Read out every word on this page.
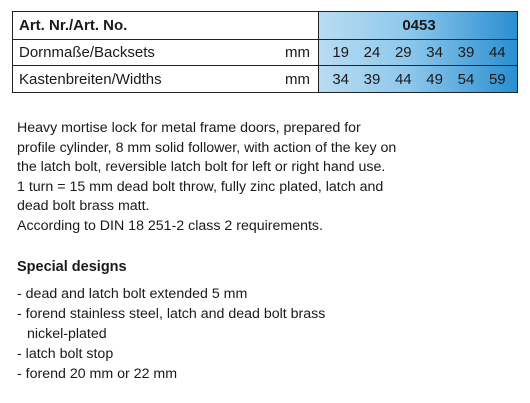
Art. Nr./Art. No.	0453
Dornmaße/Backsets	mm	19 24 29 34 39 44
Kastenbreiten/Widths	mm	34 39 44 49 54 59

Heavy mortise lock for metal frame doors, prepared for

profile cylinder, 8 mm solid follower, with action of the key on

the latch bolt, reversible latch bolt for left or right hand use.

1 turn = 15 mm dead bolt throw, fully zinc plated, latch and

dead bolt brass matt.

According to DIN 18 251-2 class 2 requirements.

Special designs
- dead and latch bolt extended 5 mm
- forend stainless steel, latch and dead bolt brass
nickel-plated
- latch bolt stop
- forend 20 mm or 22 mm
